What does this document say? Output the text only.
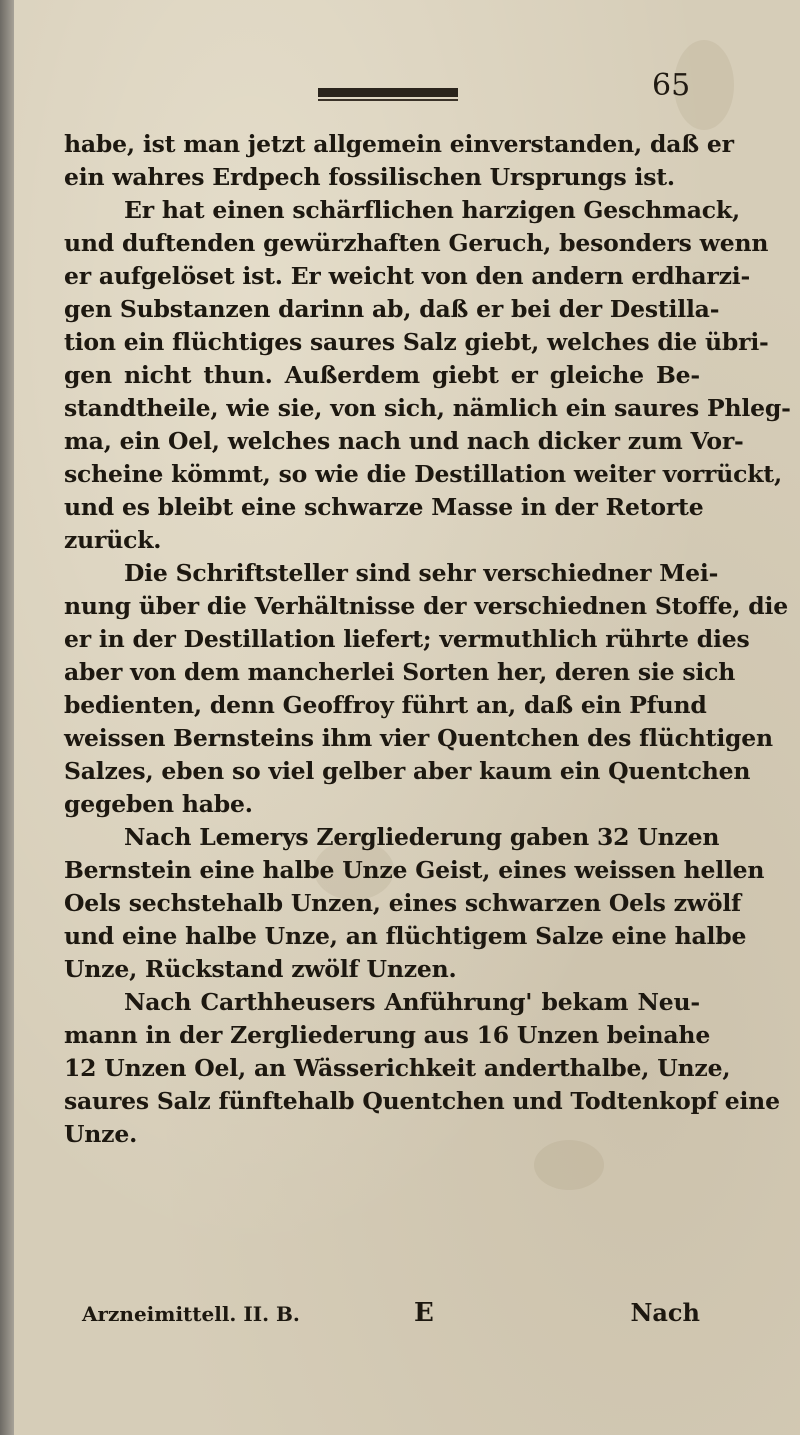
65
habe, ist man jetzt allgemein einverstanden, daß er
ein wahres Erdpech fossilischen Ursprungs ist.
Er hat einen schärflichen harzigen Geschmack,
und duftenden gewürzhaften Geruch, besonders wenn
er aufgelöset ist. Er weicht von den andern erdharzi-
gen Substanzen darinn ab, daß er bei der Destilla-
tion ein flüchtiges saures Salz giebt, welches die übri-
gen nicht thun. Außerdem giebt er gleiche Be-
standtheile, wie sie, von sich, nämlich ein saures Phleg-
ma, ein Oel, welches nach und nach dicker zum Vor-
scheine kömmt, so wie die Destillation weiter vorrückt,
und es bleibt eine schwarze Masse in der Retorte
zurück.
Die Schriftsteller sind sehr verschiedner Mei-
nung über die Verhältnisse der verschiednen Stoffe, die
er in der Destillation liefert; vermuthlich rührte dies
aber von dem mancherlei Sorten her, deren sie sich
bedienten, denn Geoffroy führt an, daß ein Pfund
weissen Bernsteins ihm vier Quentchen des flüchtigen
Salzes, eben so viel gelber aber kaum ein Quentchen
gegeben habe.
Nach Lemerys Zergliederung gaben 32 Unzen
Bernstein eine halbe Unze Geist, eines weissen hellen
Oels sechstehalb Unzen, eines schwarzen Oels zwölf
und eine halbe Unze, an flüchtigem Salze eine halbe
Unze, Rückstand zwölf Unzen.
Nach Carthheusers Anführung' bekam Neu-
mann in der Zergliederung aus 16 Unzen beinahe
12 Unzen Oel, an Wässerichkeit anderthalbe, Unze,
saures Salz fünftehalb Quentchen und Todtenkopf eine
Unze.
Arzneimittell. II. B.	E	Nach
